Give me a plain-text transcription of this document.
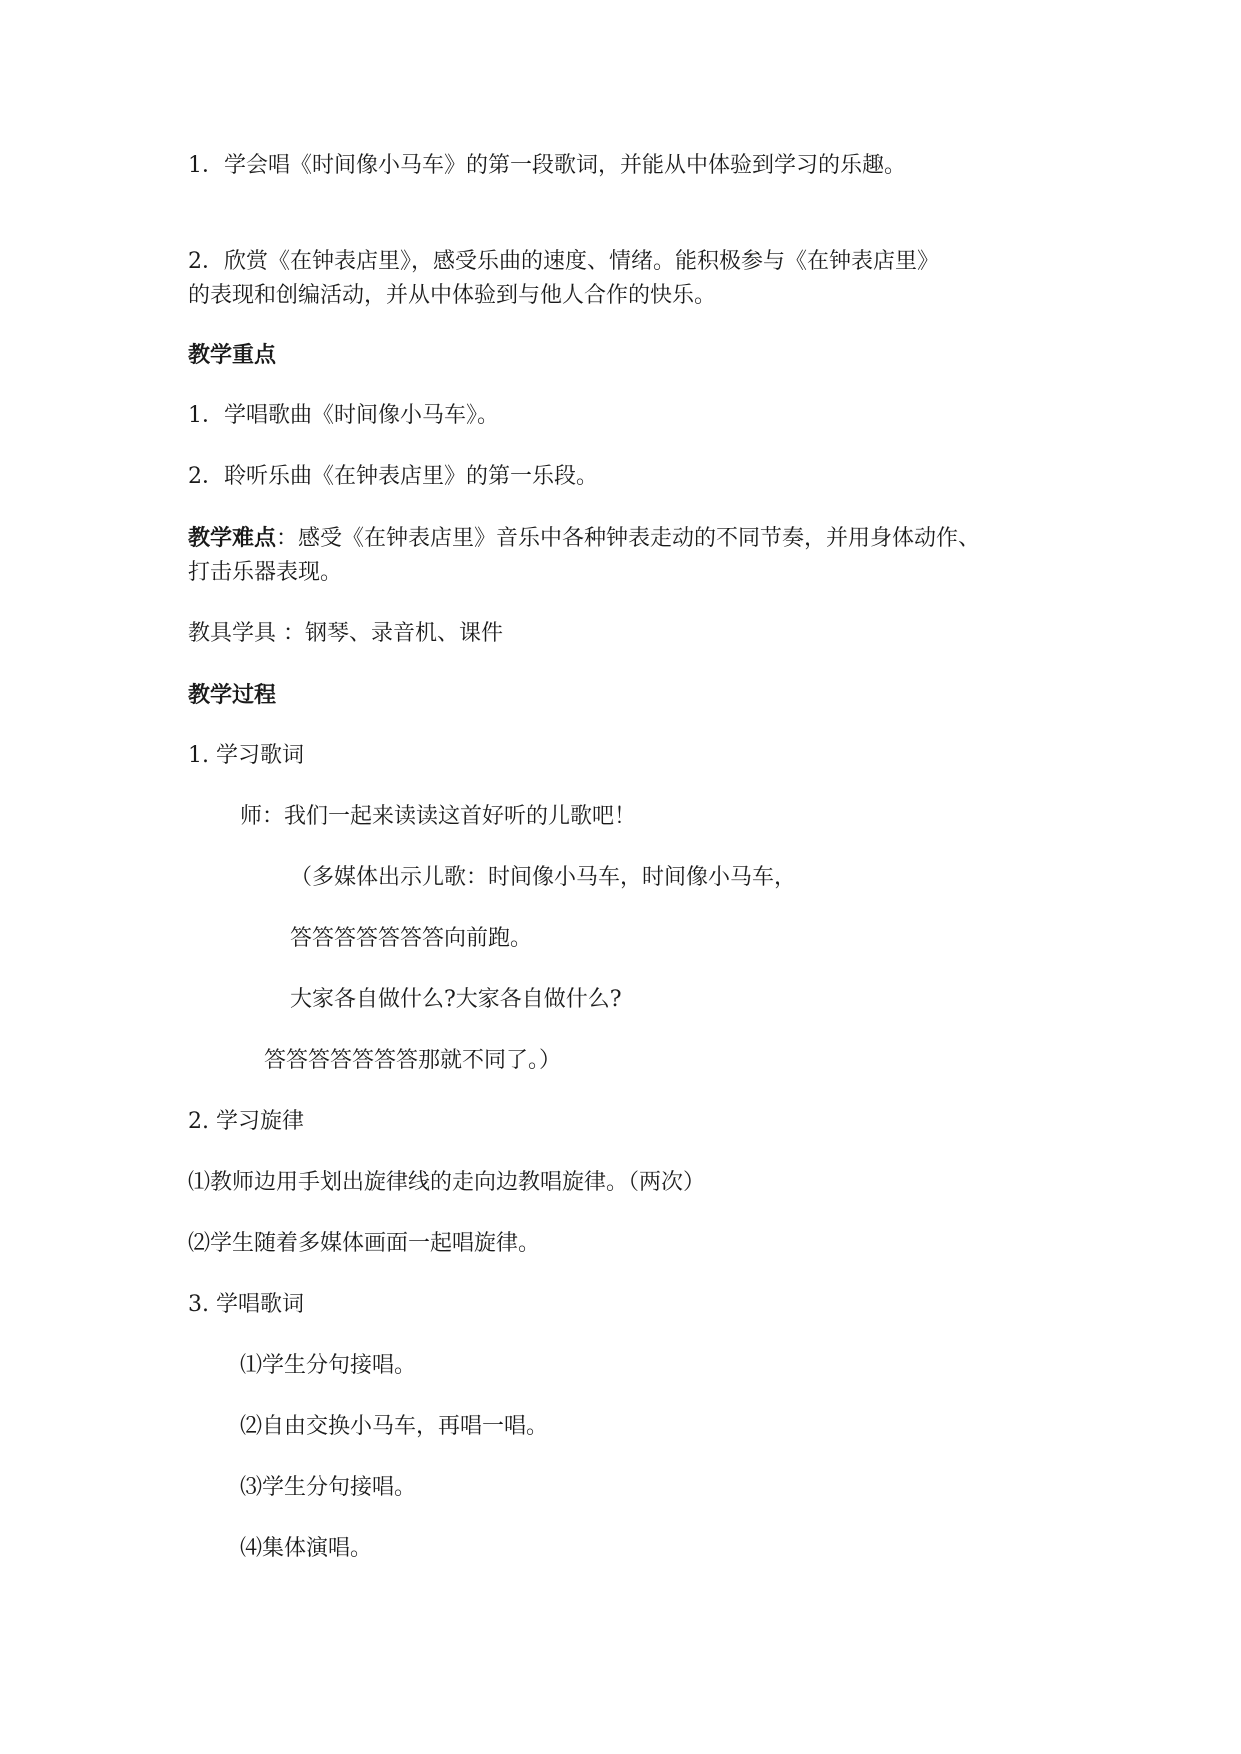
1．学会唱《时间像小马车》的第一段歌词，并能从中体验到学习的乐趣。

2．欣赏《在钟表店里》，感受乐曲的速度、情绪。能积极参与《在钟表店里》

的表现和创编活动，并从中体验到与他人合作的快乐。

教学重点

1．学唱歌曲《时间像小马车》。

2．聆听乐曲《在钟表店里》的第一乐段。

教学难点：感受《在钟表店里》音乐中各种钟表走动的不同节奏，并用身体动作、

打击乐器表现。

教具学具 ：钢琴、录音机、课件

教学过程

1. 学习歌词

师：我们一起来读读这首好听的儿歌吧！

（多媒体出示儿歌：时间像小马车，时间像小马车，

答答答答答答答向前跑。

大家各自做什么?大家各自做什么?

答答答答答答答那就不同了。）

2. 学习旋律

⑴教师边用手划出旋律线的走向边教唱旋律。（两次）

⑵学生随着多媒体画面一起唱旋律。

3. 学唱歌词

⑴学生分句接唱。

⑵自由交换小马车，再唱一唱。

⑶学生分句接唱。

⑷集体演唱。
